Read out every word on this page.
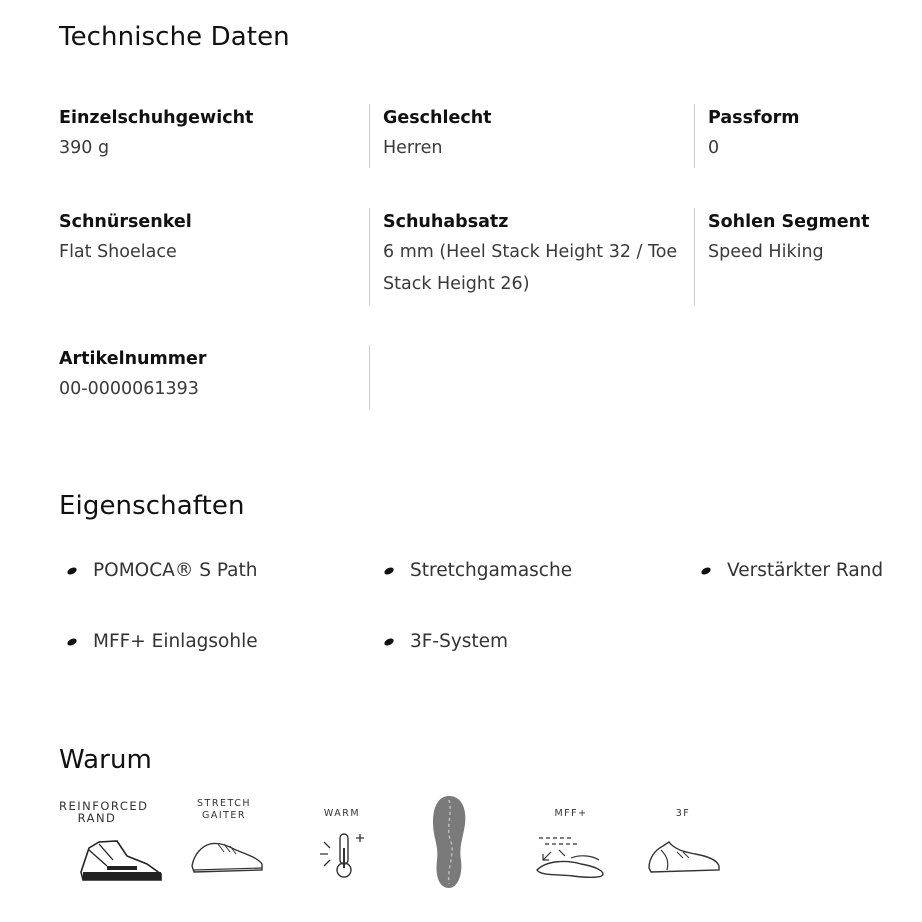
Technische Daten
Einzelschuhgewicht
390 g
Geschlecht
Herren
Passform
0
Schnürsenkel
Flat Shoelace
Schuhabsatz
6 mm (Heel Stack Height 32 / Toe Stack Height 26)
Sohlen Segment
Speed Hiking
Artikelnummer
00-0000061393
Eigenschaften
POMOCA® S Path	Stretchgamasche	Verstärkter Rand
MFF+ Einlagsohle	3F-System
Warum
REINFORCED RAND
STRETCH GAITER	WARM	MFF+	3F
